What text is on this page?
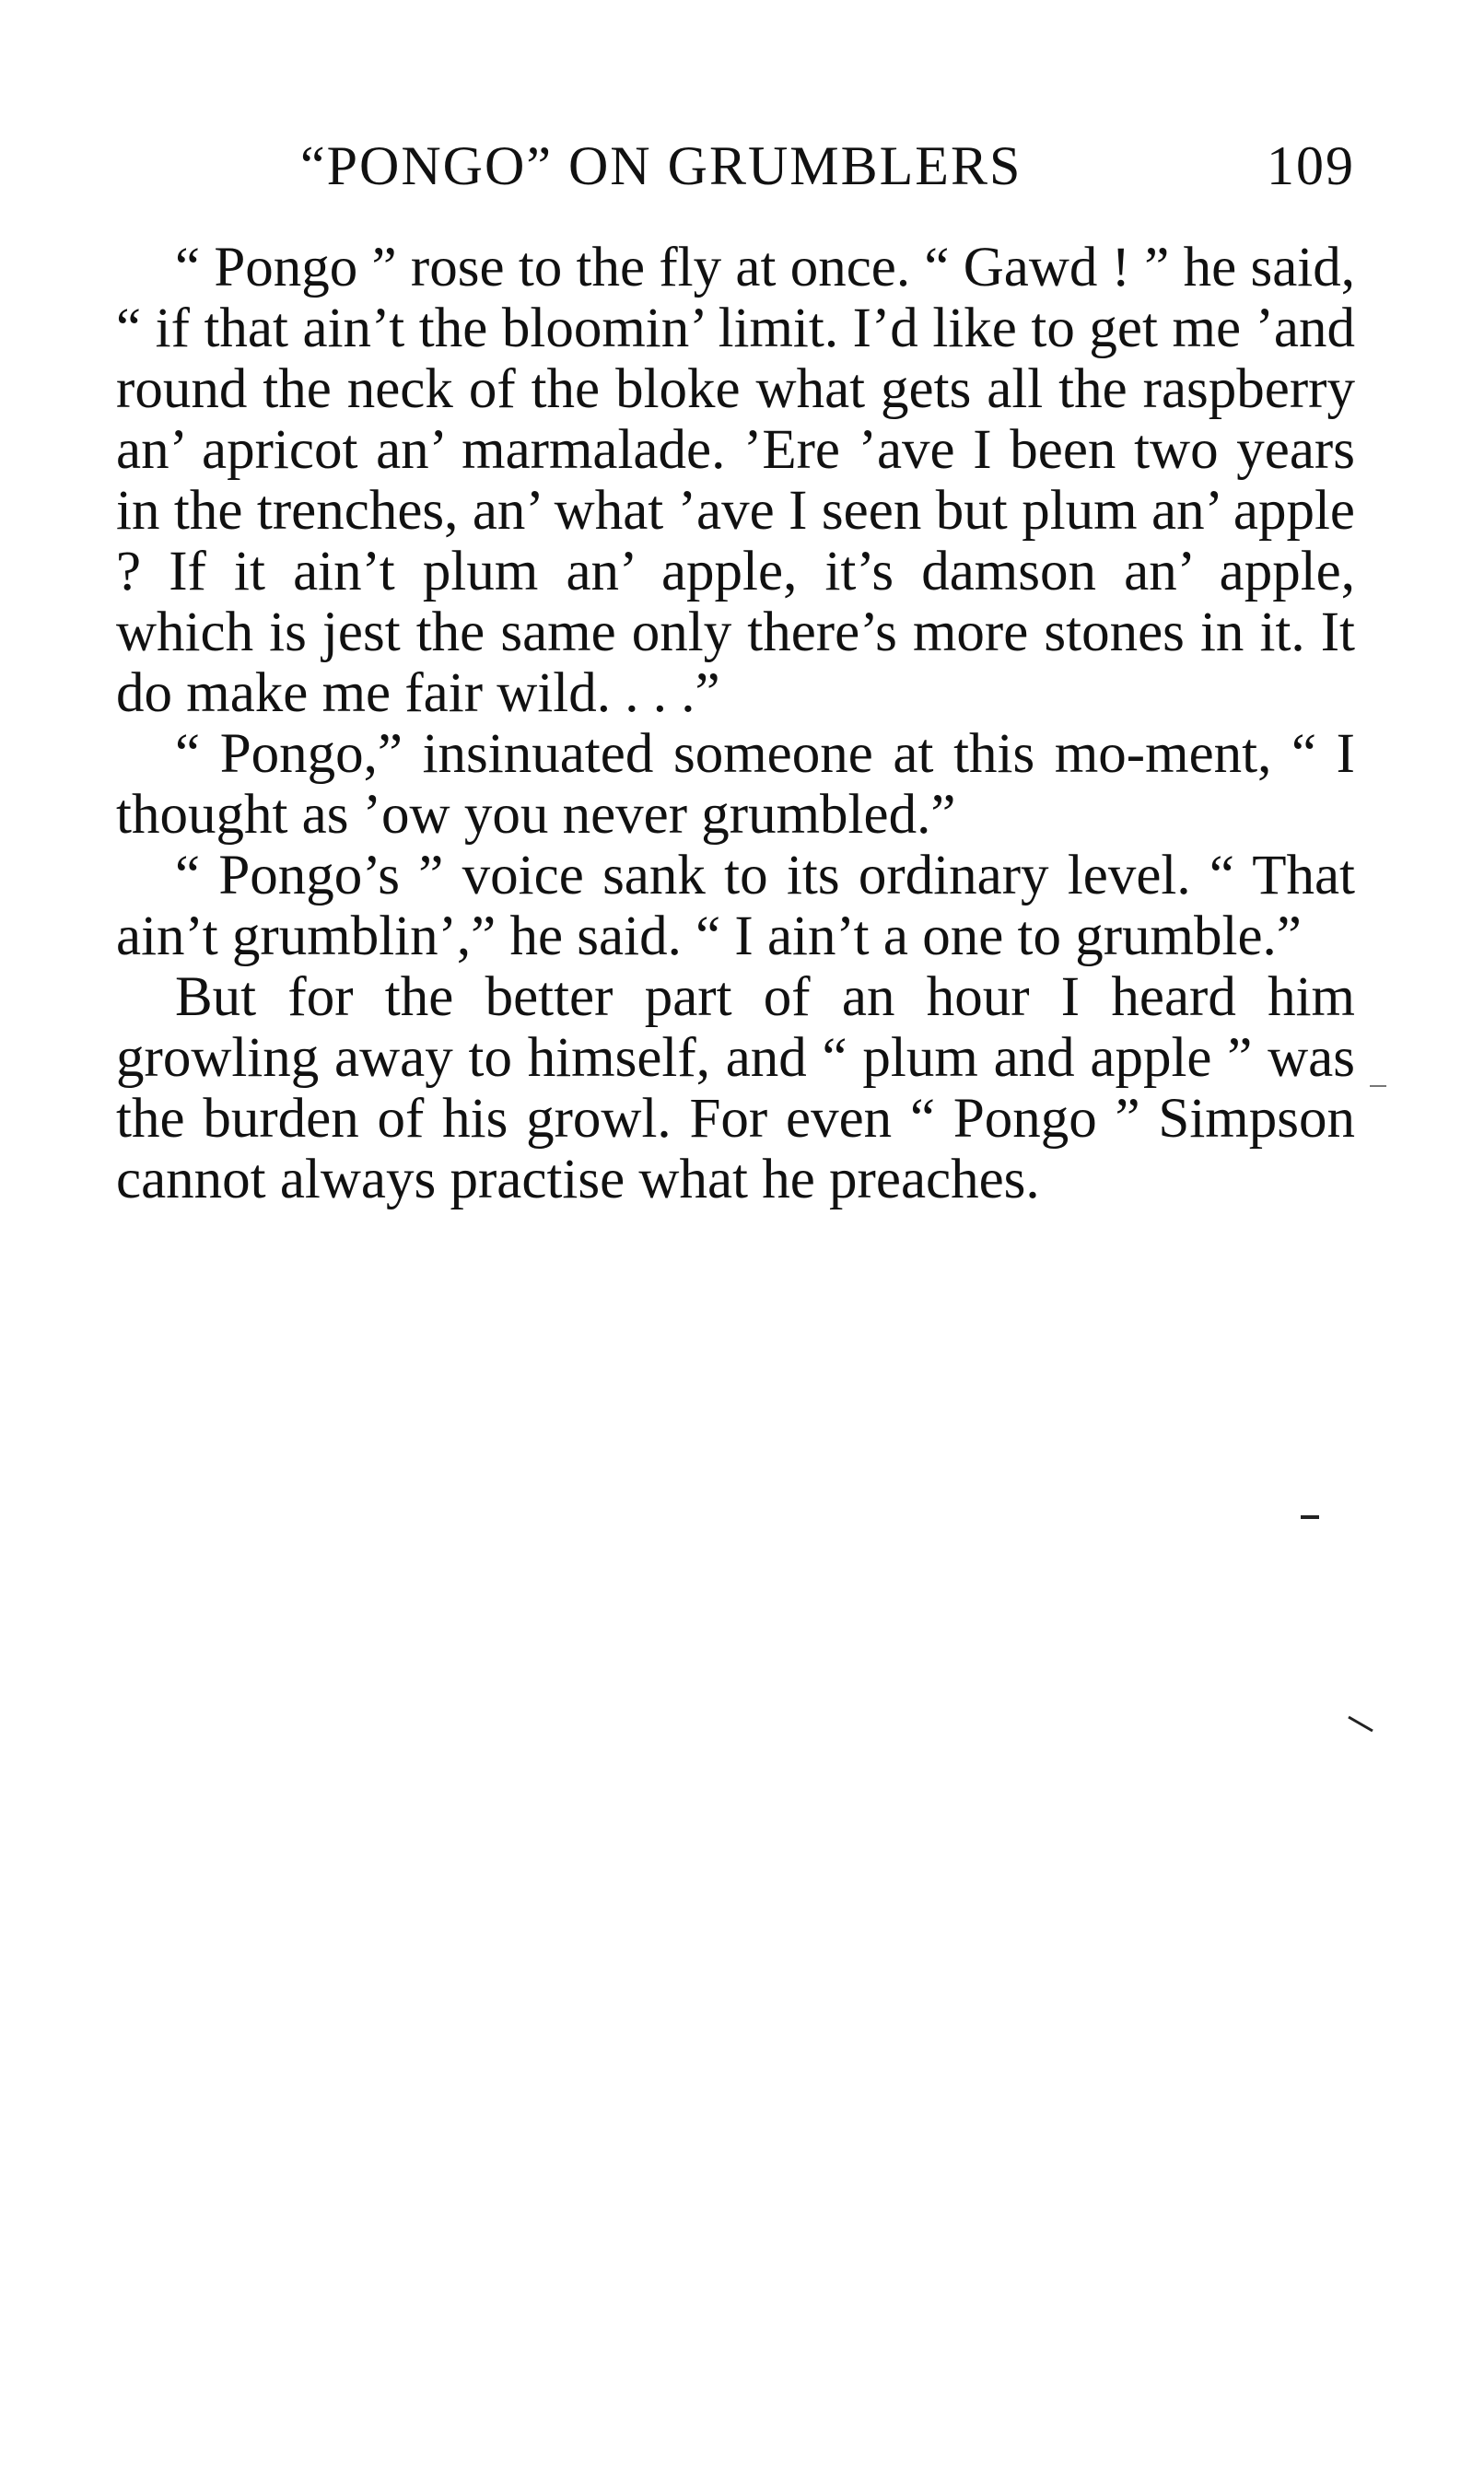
“PONGO” ON GRUMBLERS	109

“ Pongo ” rose to the fly at once. “ Gawd ! ” he said, “ if that ain’t the bloomin’ limit. I’d like to get me ’and round the neck of the bloke what gets all the raspberry an’ apricot an’ marmalade. ’Ere ’ave I been two years in the trenches, an’ what ’ave I seen but plum an’ apple ? If it ain’t plum an’ apple, it’s damson an’ apple, which is jest the same only there’s more stones in it. It do make me fair wild. . . .”

“ Pongo,” insinuated someone at this mo-ment, “ I thought as ’ow you never grumbled.”

“ Pongo’s ” voice sank to its ordinary level. “ That ain’t grumblin’,” he said. “ I ain’t a one to grumble.”

But for the better part of an hour I heard him growling away to himself, and “ plum and apple ” was the burden of his growl. For even “ Pongo ” Simpson cannot always practise what he preaches.
